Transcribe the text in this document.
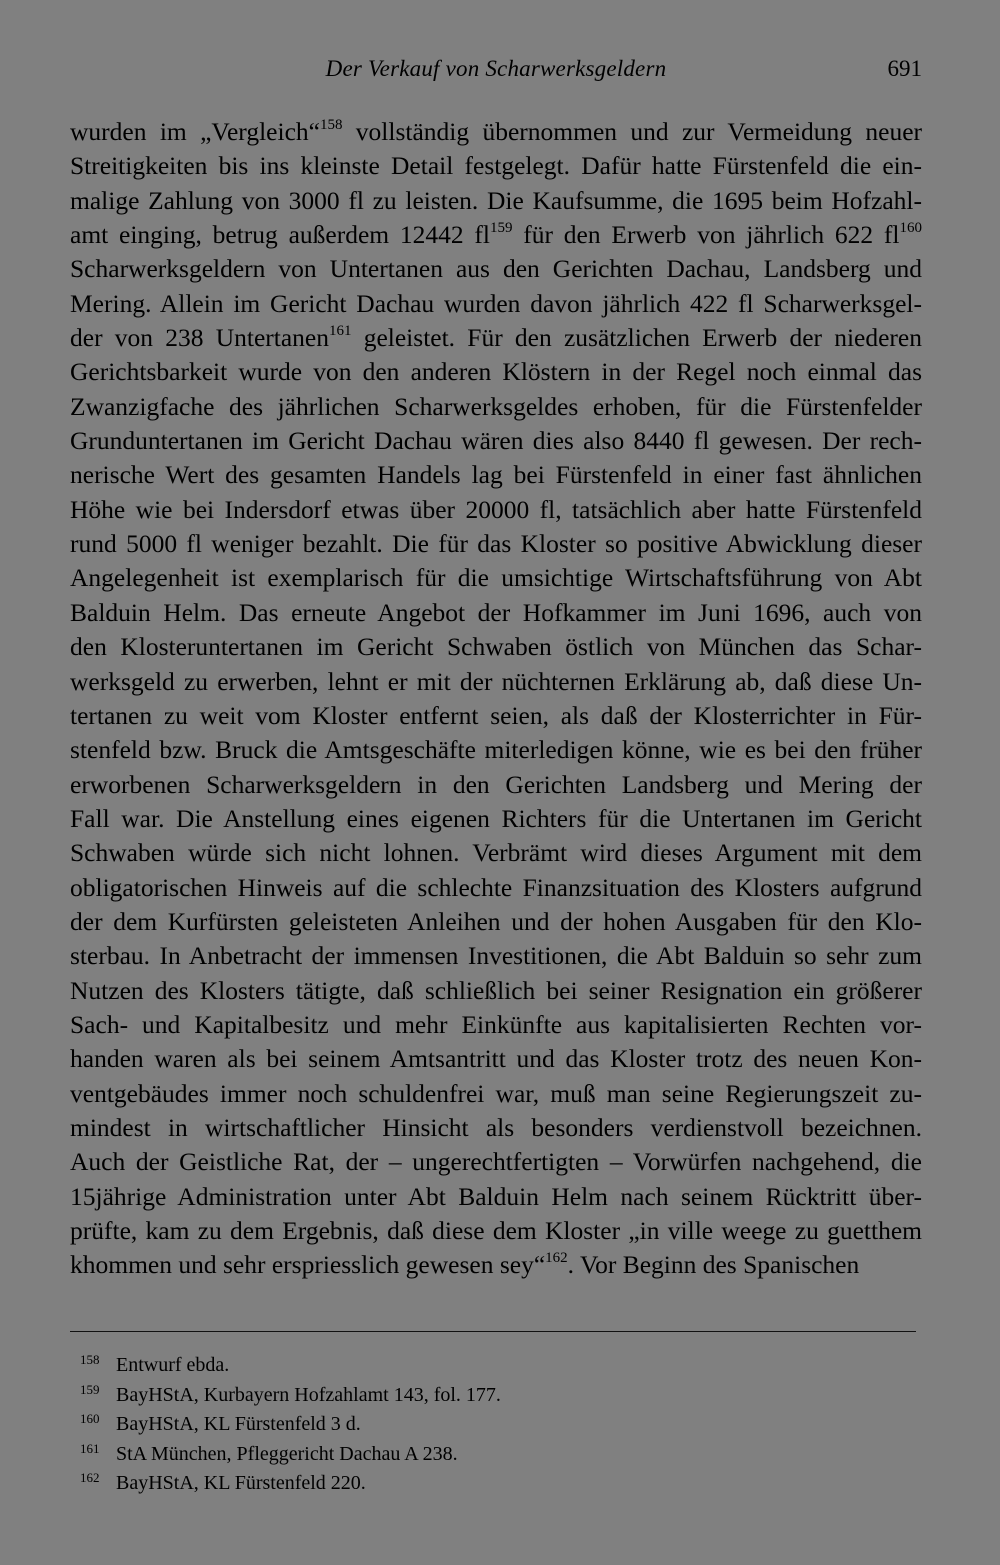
Der Verkauf von Scharwerksgeldern	691
wurden im „Vergleich“$^{158}$ vollständig übernommen und zur Vermeidung neuer
Streitigkeiten bis ins kleinste Detail festgelegt. Dafür hatte Fürstenfeld die ein-
malige Zahlung von 3000 fl zu leisten. Die Kaufsumme, die 1695 beim Hofzahl-
amt einging, betrug außerdem 12442 $fl^{159}$ für den Erwerb von jährlich 622 $fl^{160}$
Scharwerksgeldern von Untertanen aus den Gerichten Dachau, Landsberg und
Mering. Allein im Gericht Dachau wurden davon jährlich 422 fl Scharwerksgel-
der von 238 Untertanen$^{161}$ geleistet. Für den zusätzlichen Erwerb der niederen
Gerichtsbarkeit wurde von den anderen Klöstern in der Regel noch einmal das
Zwanzigfache des jährlichen Scharwerksgeldes erhoben, für die Fürstenfelder
Grunduntertanen im Gericht Dachau wären dies also 8440 fl gewesen. Der rech-
nerische Wert des gesamten Handels lag bei Fürstenfeld in einer fast ähnlichen
Höhe wie bei Indersdorf etwas über 20000 fl, tatsächlich aber hatte Fürstenfeld
rund 5000 fl weniger bezahlt. Die für das Kloster so positive Abwicklung dieser
Angelegenheit ist exemplarisch für die umsichtige Wirtschaftsführung von Abt
Balduin Helm. Das erneute Angebot der Hofkammer im Juni 1696, auch von
den Klosteruntertanen im Gericht Schwaben östlich von München das Schar-
werksgeld zu erwerben, lehnt er mit der nüchternen Erklärung ab, daß diese Un-
tertanen zu weit vom Kloster entfernt seien, als daß der Klosterrichter in Für-
stenfeld bzw. Bruck die Amtsgeschäfte miterledigen könne, wie es bei den früher
erworbenen Scharwerksgeldern in den Gerichten Landsberg und Mering der
Fall war. Die Anstellung eines eigenen Richters für die Untertanen im Gericht
Schwaben würde sich nicht lohnen. Verbrämt wird dieses Argument mit dem
obligatorischen Hinweis auf die schlechte Finanzsituation des Klosters aufgrund
der dem Kurfürsten geleisteten Anleihen und der hohen Ausgaben für den Klo-
sterbau. In Anbetracht der immensen Investitionen, die Abt Balduin so sehr zum
Nutzen des Klosters tätigte, daß schließlich bei seiner Resignation ein größerer
Sach- und Kapitalbesitz und mehr Einkünfte aus kapitalisierten Rechten vor-
handen waren als bei seinem Amtsantritt und das Kloster trotz des neuen Kon-
ventgebäudes immer noch schuldenfrei war, muß man seine Regierungszeit zu-
mindest in wirtschaftlicher Hinsicht als besonders verdienstvoll bezeichnen.
Auch der Geistliche Rat, der – ungerechtfertigten – Vorwürfen nachgehend, die
15jährige Administration unter Abt Balduin Helm nach seinem Rücktritt über-
prüfte, kam zu dem Ergebnis, daß diese dem Kloster „in ville weege zu guetthem
khommen und sehr erspriesslich gewesen sey“$^{162}$. Vor Beginn des Spanischen
158 Entwurf ebda.
159 BayHStA, Kurbayern Hofzahlamt 143, fol. 177.
160 BayHStA, KL Fürstenfeld 3 d.
161 StA München, Pfleggericht Dachau A 238.
162 BayHStA, KL Fürstenfeld 220.
